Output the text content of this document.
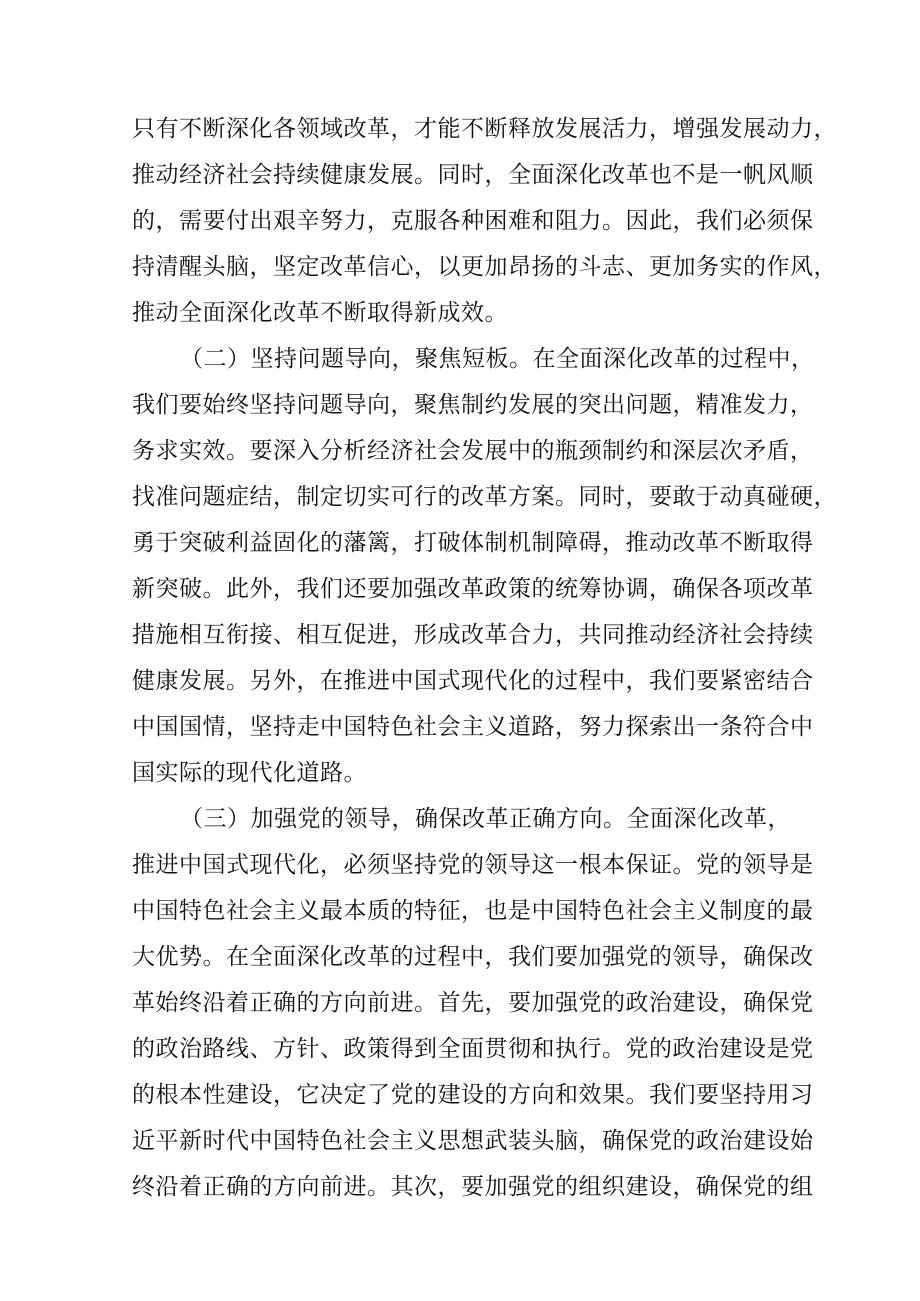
只有不断深化各领域改革，才能不断释放发展活力，增强发展动力，
推动经济社会持续健康发展。同时，全面深化改革也不是一帆风顺
的，需要付出艰辛努力，克服各种困难和阻力。因此，我们必须保
持清醒头脑，坚定改革信心，以更加昂扬的斗志、更加务实的作风，
推动全面深化改革不断取得新成效。
（二）坚持问题导向，聚焦短板。在全面深化改革的过程中，
我们要始终坚持问题导向，聚焦制约发展的突出问题，精准发力，
务求实效。要深入分析经济社会发展中的瓶颈制约和深层次矛盾，
找准问题症结，制定切实可行的改革方案。同时，要敢于动真碰硬，
勇于突破利益固化的藩篱，打破体制机制障碍，推动改革不断取得
新突破。此外，我们还要加强改革政策的统筹协调，确保各项改革
措施相互衔接、相互促进，形成改革合力，共同推动经济社会持续
健康发展。另外，在推进中国式现代化的过程中，我们要紧密结合
中国国情，坚持走中国特色社会主义道路，努力探索出一条符合中
国实际的现代化道路。
（三）加强党的领导，确保改革正确方向。全面深化改革，
推进中国式现代化，必须坚持党的领导这一根本保证。党的领导是
中国特色社会主义最本质的特征，也是中国特色社会主义制度的最
大优势。在全面深化改革的过程中，我们要加强党的领导，确保改
革始终沿着正确的方向前进。首先，要加强党的政治建设，确保党
的政治路线、方针、政策得到全面贯彻和执行。党的政治建设是党
的根本性建设，它决定了党的建设的方向和效果。我们要坚持用习
近平新时代中国特色社会主义思想武装头脑，确保党的政治建设始
终沿着正确的方向前进。其次，要加强党的组织建设，确保党的组
